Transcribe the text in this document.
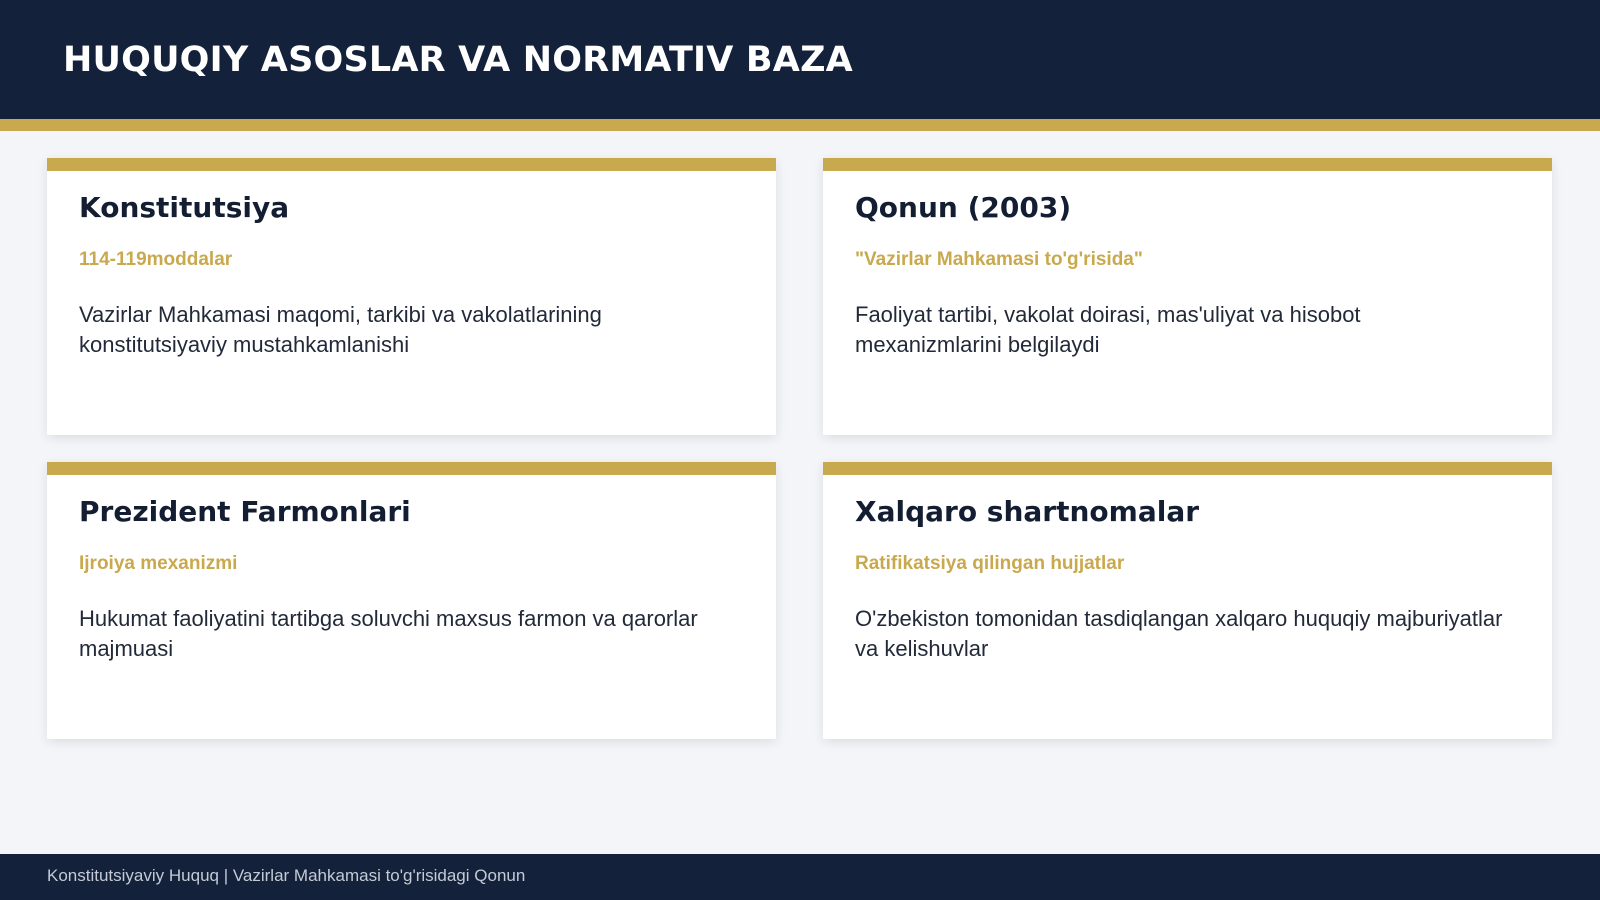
HUQUQIY ASOSLAR VA NORMATIV BAZA
Konstitutsiya
114-119moddalar
Vazirlar Mahkamasi maqomi, tarkibi va vakolatlarining konstitutsiyaviy mustahkamlanishi
Qonun (2003)
"Vazirlar Mahkamasi to'g'risida"
Faoliyat tartibi, vakolat doirasi, mas'uliyat va hisobot mexanizmlarini belgilaydi
Prezident Farmonlari
Ijroiya mexanizmi
Hukumat faoliyatini tartibga soluvchi maxsus farmon va qarorlar majmuasi
Xalqaro shartnomalar
Ratifikatsiya qilingan hujjatlar
O'zbekiston tomonidan tasdiqlangan xalqaro huquqiy majburiyatlar va kelishuvlar
Konstitutsiyaviy Huquq | Vazirlar Mahkamasi to'g'risidagi Qonun
